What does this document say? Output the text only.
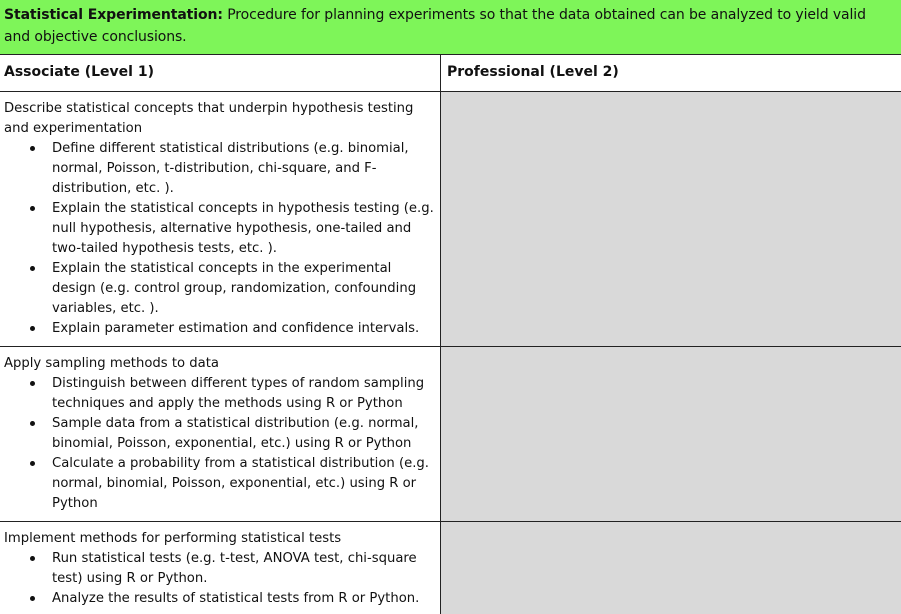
Statistical Experimentation: Procedure for planning experiments so that the data obtained can be analyzed to yield valid and objective conclusions.
Associate (Level 1)	Professional (Level 2)
Describe statistical concepts that underpin hypothesis testing and experimentation
Define different statistical distributions (e.g. binomial, normal, Poisson, t-distribution, chi-square, and F-distribution, etc. ).
Explain the statistical concepts in hypothesis testing (e.g. null hypothesis, alternative hypothesis, one-tailed and two-tailed hypothesis tests, etc. ).
Explain the statistical concepts in the experimental design (e.g. control group, randomization, confounding variables, etc. ).
Explain parameter estimation and confidence intervals.
Apply sampling methods to data
Distinguish between different types of random sampling techniques and apply the methods using R or Python
Sample data from a statistical distribution (e.g. normal, binomial, Poisson, exponential, etc.) using R or Python
Calculate a probability from a statistical distribution (e.g. normal, binomial, Poisson, exponential, etc.) using R or Python
Implement methods for performing statistical tests
Run statistical tests (e.g. t-test, ANOVA test, chi-square test) using R or Python.
Analyze the results of statistical tests from R or Python.
